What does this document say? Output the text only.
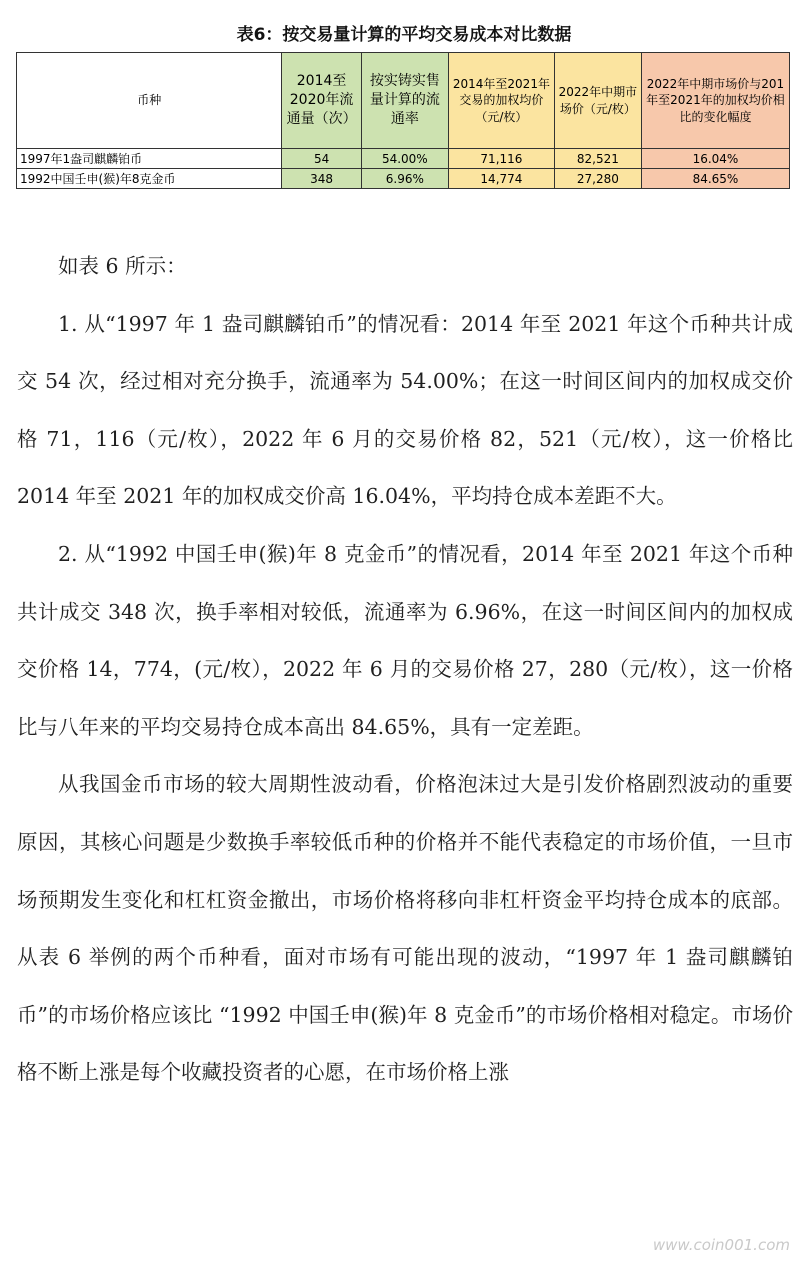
表6：按交易量计算的平均交易成本对比数据
币种	2014至2020年流通量（次）	按实铸实售量计算的流通率	2014年至2021年交易的加权均价（元/枚）	2022年中期市场价（元/枚）	2022年中期市场价与201年至2021年的加权均价相比的变化幅度
1997年1盎司麒麟铂币	54	54.00%	71,116	82,521	16.04%
1992中国壬申(猴)年8克金币	348	6.96%	14,774	27,280	84.65%

如表 6 所示：

1. 从“1997 年 1 盎司麒麟铂币”的情况看：2014 年至 2021 年这个币种共计成交 54 次，经过相对充分换手，流通率为 54.00%；在这一时间区间内的加权成交价格 71，116（元/枚），2022 年 6 月的交易价格 82，521（元/枚），这一价格比 2014 年至 2021 年的加权成交价高 16.04%，平均持仓成本差距不大。

2. 从“1992 中国壬申(猴)年 8 克金币”的情况看，2014 年至 2021 年这个币种共计成交 348 次，换手率相对较低，流通率为 6.96%，在这一时间区间内的加权成交价格 14，774，(元/枚），2022 年 6 月的交易价格 27，280（元/枚），这一价格比与八年来的平均交易持仓成本高出 84.65%，具有一定差距。

从我国金币市场的较大周期性波动看，价格泡沫过大是引发价格剧烈波动的重要原因，其核心问题是少数换手率较低币种的价格并不能代表稳定的市场价值，一旦市场预期发生变化和杠杠资金撤出，市场价格将移向非杠杆资金平均持仓成本的底部。从表 6 举例的两个币种看，面对市场有可能出现的波动，“1997 年 1 盎司麒麟铂币”的市场价格应该比 “1992 中国壬申(猴)年 8 克金币”的市场价格相对稳定。市场价格不断上涨是每个收藏投资者的心愿，在市场价格上涨

www.coin001.com
